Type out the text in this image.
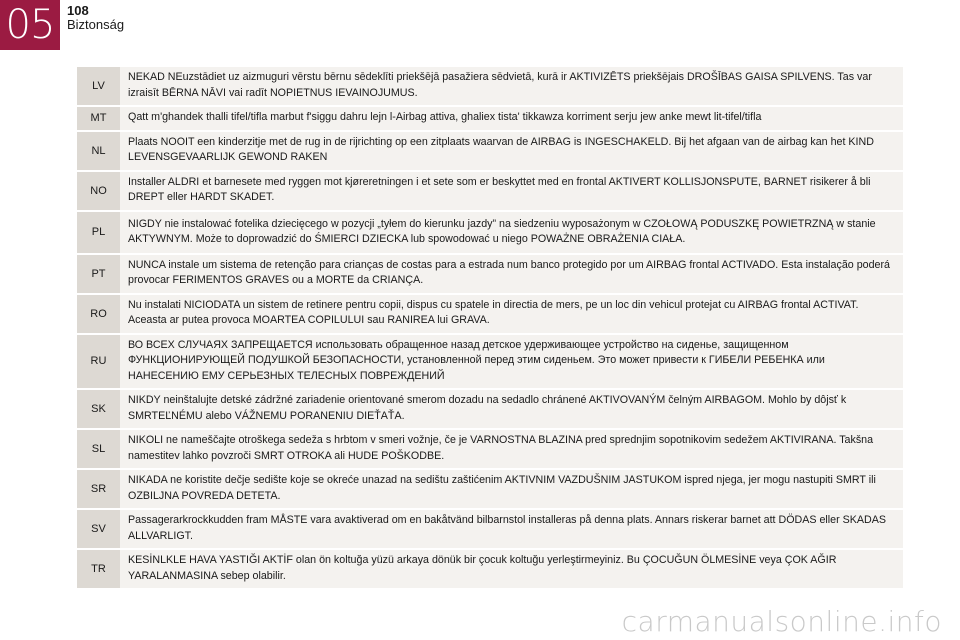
05 108
Biztonság
LV
NEKAD NEuzstādiet uz aizmuguri vērstu bērnu sēdeklīti priekšējā pasažiera sēdvietā, kurā ir AKTIVIZĒTS priekšējais DROŠĪBAS GAISA SPILVENS. Tas var izraisīt BĒRNA NĀVI vai radīt NOPIETNUS IEVAINOJUMUS.
MT	Qatt m'ghandek thalli tifel/tifla marbut f'siggu dahru lejn l-Airbag attiva, ghaliex tista' tikkawza korriment serju jew anke mewt lit-tifel/tifla
NL
Plaats NOOIT een kinderzitje met de rug in de rijrichting op een zitplaats waarvan de AIRBAG is INGESCHAKELD. Bij het afgaan van de airbag kan het KIND LEVENSGEVAARLIJK GEWOND RAKEN
NO
Installer ALDRI et barnesete med ryggen mot kjøreretningen i et sete som er beskyttet med en frontal AKTIVERT KOLLISJONSPUTE, BARNET risikerer å bli DREPT eller HARDT SKADET.
PL
NIGDY nie instalować fotelika dziecięcego w pozycji „tyłem do kierunku jazdy” na siedzeniu wyposażonym w CZOŁOWĄ PODUSZKĘ POWIETRZNĄ w stanie AKTYWNYM. Może to doprowadzić do ŚMIERCI DZIECKA lub spowodować u niego POWAŻNE OBRAŻENIA CIAŁA.
PT
NUNCA instale um sistema de retenção para crianças de costas para a estrada num banco protegido por um AIRBAG frontal ACTIVADO. Esta instalação poderá provocar FERIMENTOS GRAVES ou a MORTE da CRIANÇA.
RO
Nu instalati NICIODATA un sistem de retinere pentru copii, dispus cu spatele in directia de mers, pe un loc din vehicul protejat cu AIRBAG frontal ACTIVAT. Aceasta ar putea provoca MOARTEA COPILULUI sau RANIREA lui GRAVA.
RU
ВО ВСЕХ СЛУЧАЯХ ЗАПРЕЩАЕТСЯ использовать обращенное назад детское удерживающее устройство на сиденье, защищенном ФУНКЦИОНИРУЮЩЕЙ ПОДУШКОЙ БЕЗОПАСНОСТИ, установленной перед этим сиденьем. Это может привести к ГИБЕЛИ РЕБЕНКА или НАНЕСЕНИЮ ЕМУ СЕРЬЕЗНЫХ ТЕЛЕСНЫХ ПОВРЕЖДЕНИЙ
SK
NIKDY neinštalujte detské zádržné zariadenie orientované smerom dozadu na sedadlo chránené AKTIVOVANÝM čelným AIRBAGOM. Mohlo by dôjsť k SMRTEĽNÉMU alebo VÁŽNEMU PORANENIU DIEŤAŤA.
SL
NIKOLI ne nameščajte otroškega sedeža s hrbtom v smeri vožnje, če je VARNOSTNA BLAZINA pred sprednjim sopotnikovim sedežem AKTIVIRANA. Takšna namestitev lahko povzroči SMRT OTROKA ali HUDE POŠKODBE.
SR
NIKADA ne koristite dečje sedište koje se okreće unazad na sedištu zaštićenim AKTIVNIM VAZDUŠNIM JASTUKOM ispred njega, jer mogu nastupiti SMRT ili OZBILJNA POVREDA DETETA.
SV
Passagerarkrockkudden fram MÅSTE vara avaktiverad om en bakåtvänd bilbarnstol installeras på denna plats. Annars riskerar barnet att DÖDAS eller SKADAS ALLVARLIGT.
TR
KESİNLKLE HAVA YASTIĞI AKTİF olan ön koltuğa yüzü arkaya dönük bir çocuk koltuğu yerleştirmeyiniz. Bu ÇOCUĞUN ÖLMESİNE veya ÇOK AĞIR YARALANMASINA sebep olabilir.
carmanualsonline.info
